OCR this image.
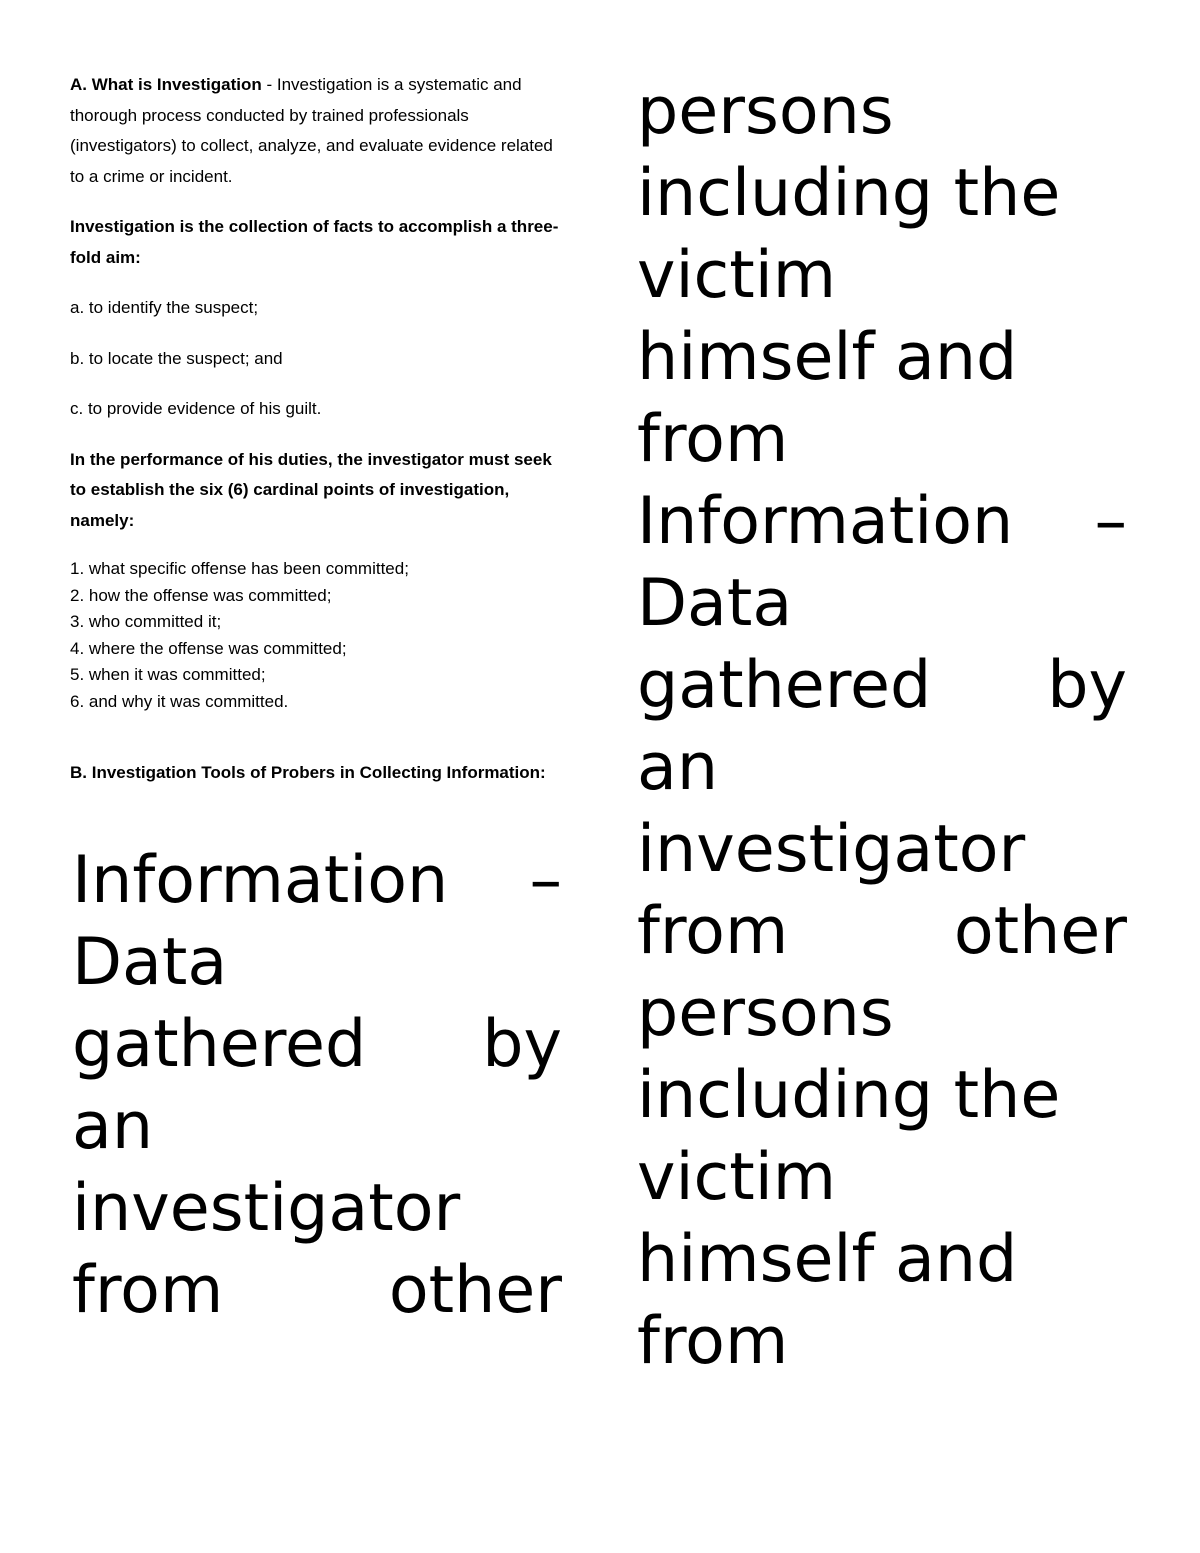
A. What is Investigation - Investigation is a systematic and thorough process conducted by trained professionals (investigators) to collect, analyze, and evaluate evidence related to a crime or incident.

Investigation is the collection of facts to accomplish a three-fold aim:

a. to identify the suspect;

b. to locate the suspect; and

c. to provide evidence of his guilt.

In the performance of his duties, the investigator must seek to establish the six (6) cardinal points of investigation, namely:

1. what specific offense has been committed;
2. how the offense was committed;
3. who committed it;
4. where the offense was committed;
5. when it was committed;
6. and why it was committed.
B. Investigation Tools of Probers in Collecting Information:
Information –
Data
gathered by
an
investigator
from	other
persons
including the
victim
himself and
from
Information –
Data
gathered by
an
investigator
from	other
persons
including the
victim
himself and
from
